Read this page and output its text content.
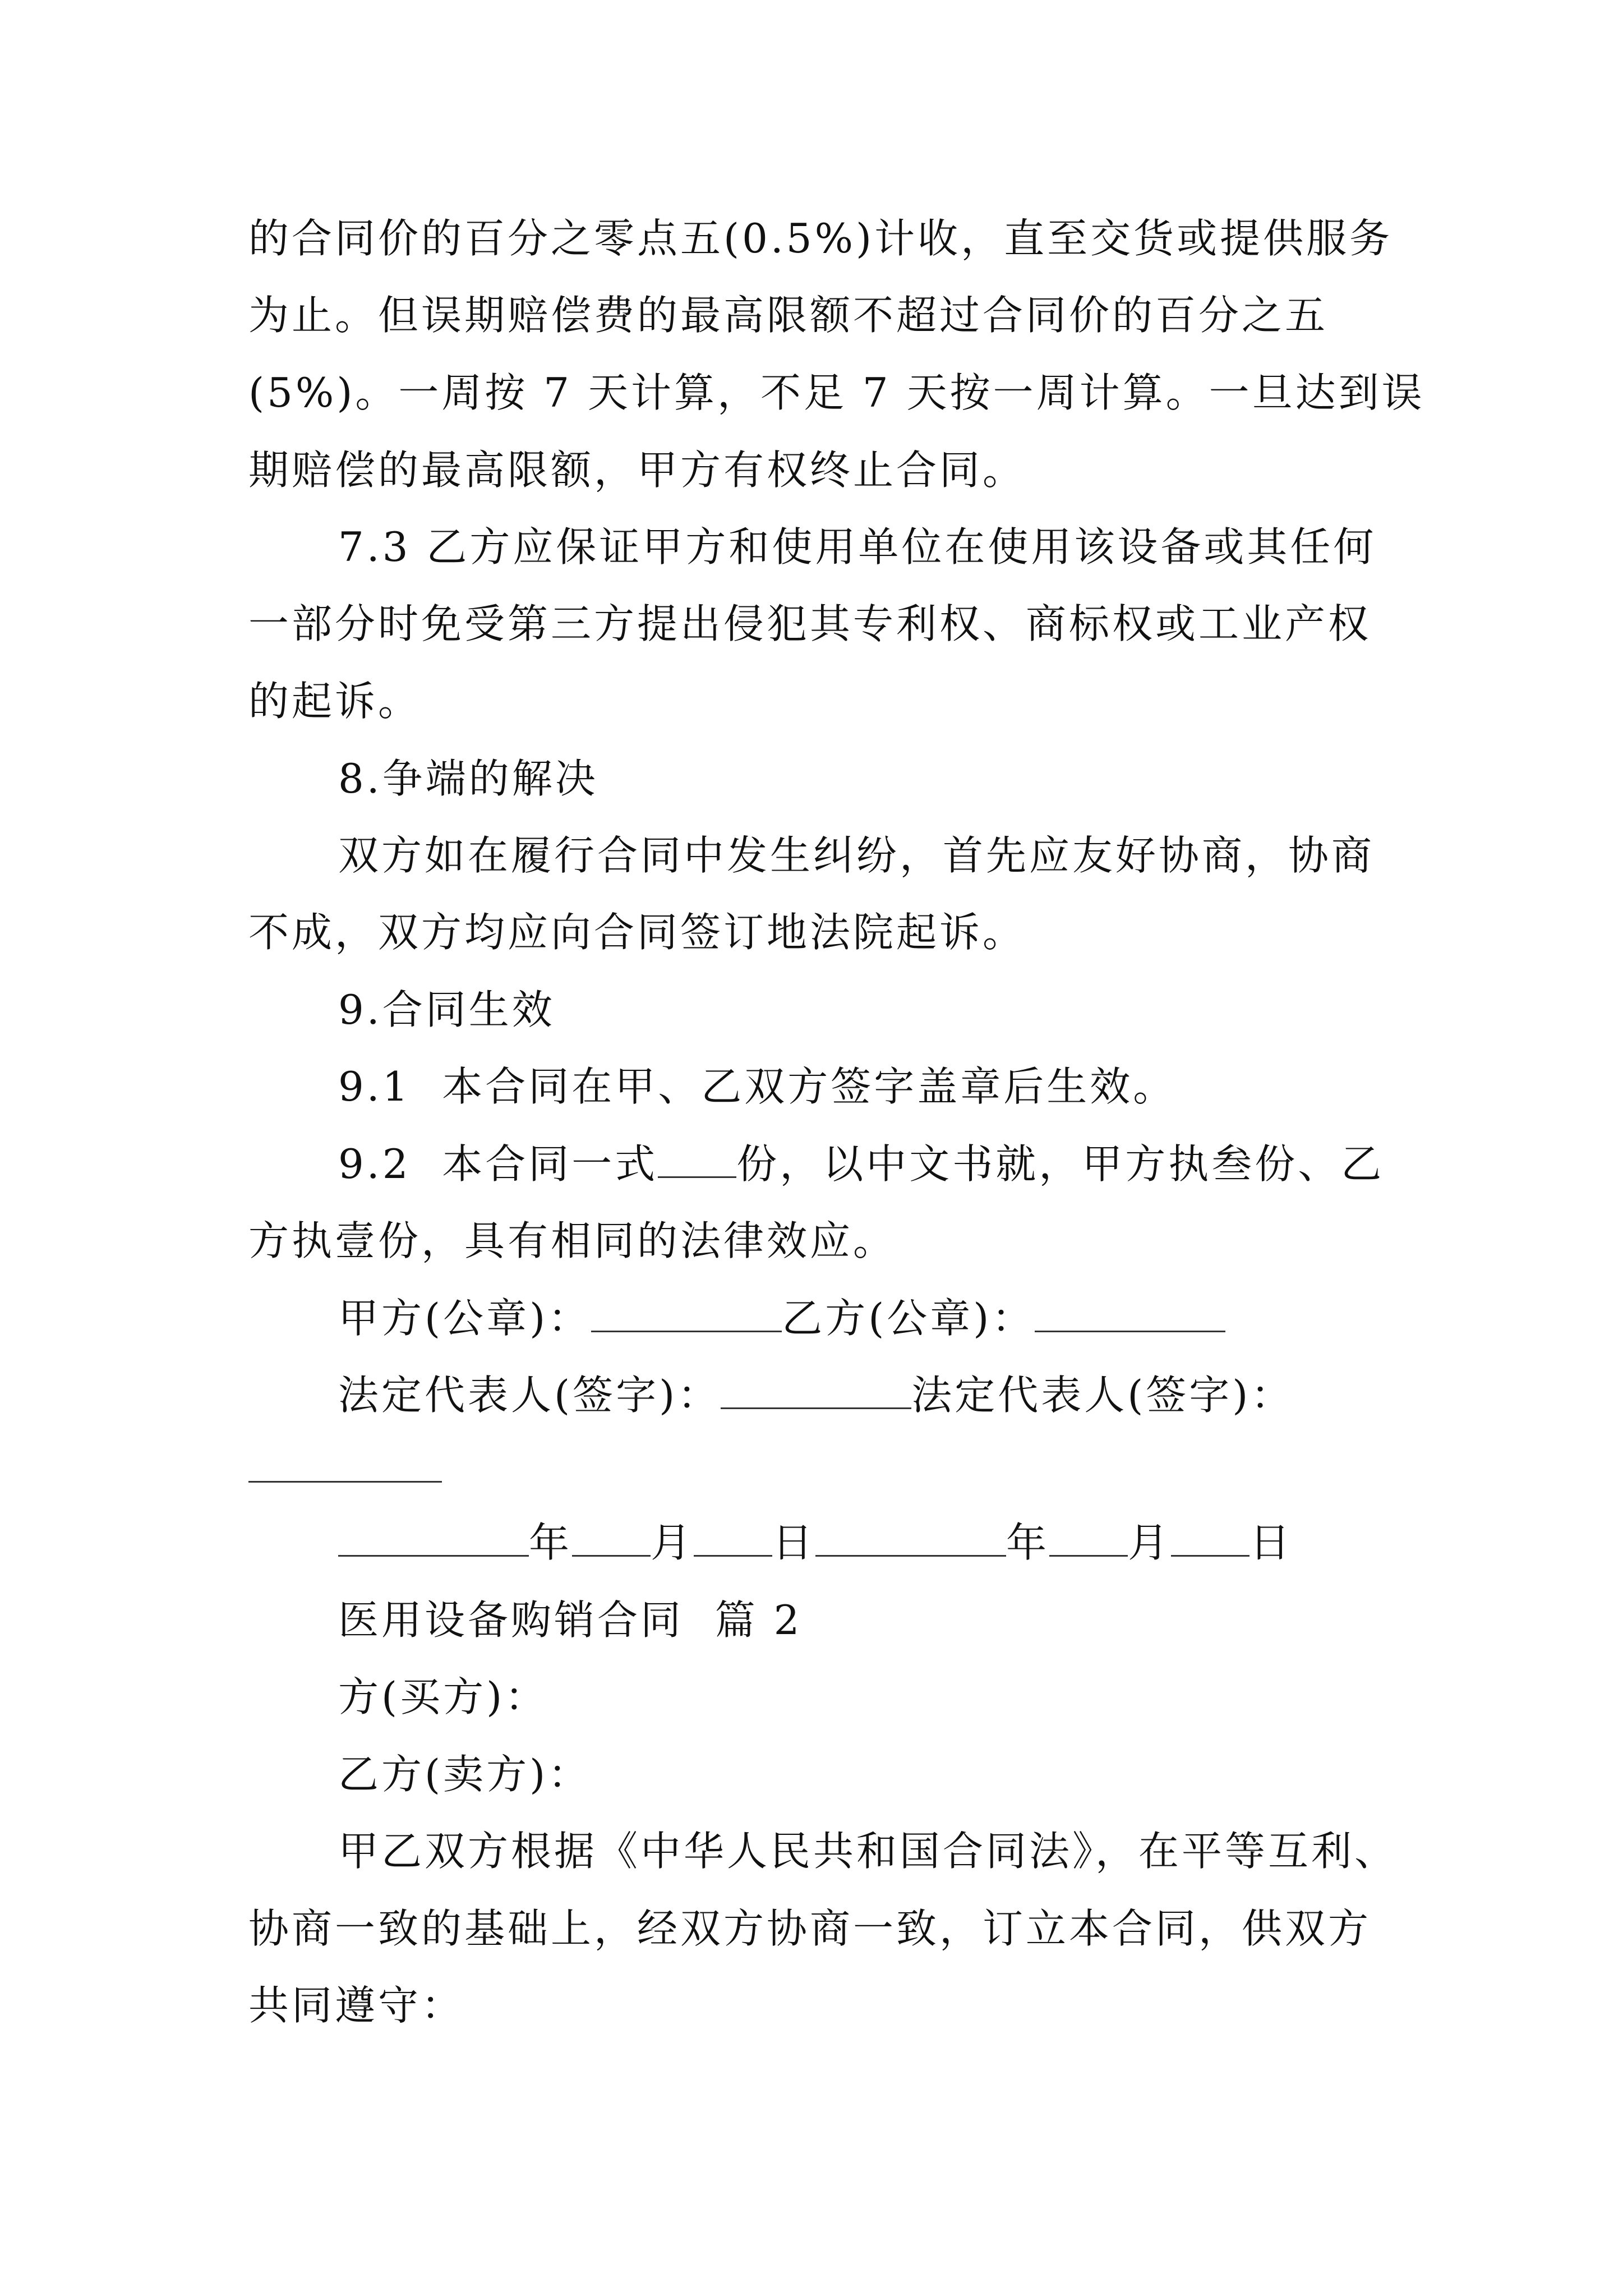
的合同价的百分之零点五(0.5%)计收，直至交货或提供服务
为止。但误期赔偿费的最高限额不超过合同价的百分之五
(5%)。一周按 7 天计算，不足 7 天按一周计算。一旦达到误
期赔偿的最高限额，甲方有权终止合同。
7.3 乙方应保证甲方和使用单位在使用该设备或其任何
一部分时免受第三方提出侵犯其专利权、商标权或工业产权
的起诉。
8.争端的解决
双方如在履行合同中发生纠纷，首先应友好协商，协商
不成，双方均应向合同签订地法院起诉。
9.合同生效
9.1  本合同在甲、乙双方签字盖章后生效。
9.2  本合同一式 份，以中文书就，甲方执叁份、乙
方执壹份，具有相同的法律效应。
甲方(公章)：	乙方(公章)：
法定代表人(签字)：	法定代表人(签字)：
年 月 日	年 月 日
医用设备购销合同  篇 2
方(买方)：
乙方(卖方)：
甲乙双方根据《中华人民共和国合同法》，在平等互利、
协商一致的基础上，经双方协商一致，订立本合同，供双方
共同遵守：
